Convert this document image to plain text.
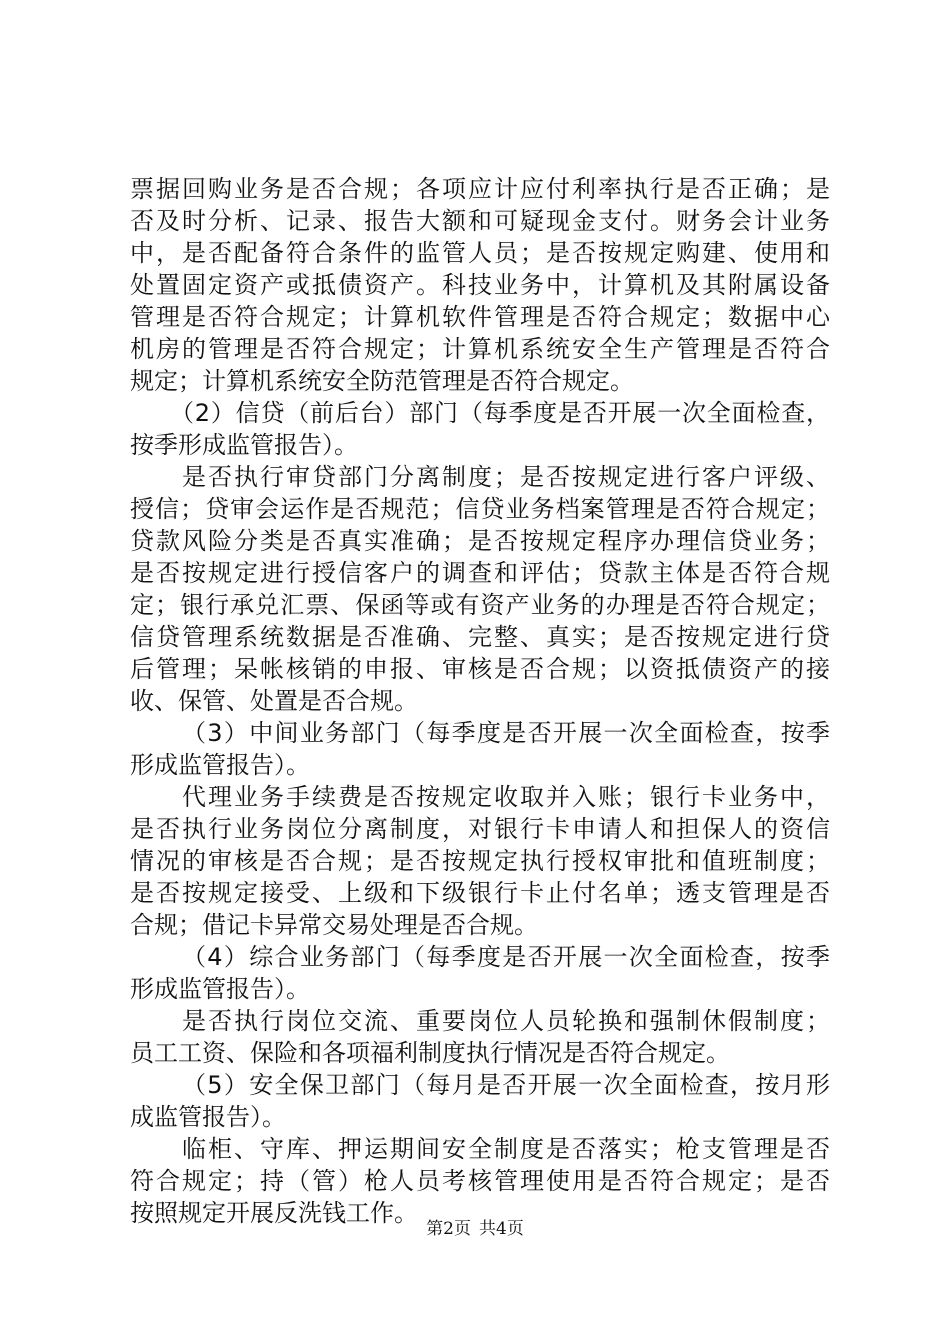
票据回购业务是否合规；各项应计应付利率执行是否正确；是
否及时分析、记录、报告大额和可疑现金支付。财务会计业务
中，是否配备符合条件的监管人员；是否按规定购建、使用和
处置固定资产或抵债资产。科技业务中，计算机及其附属设备
管理是否符合规定；计算机软件管理是否符合规定；数据中心
机房的管理是否符合规定；计算机系统安全生产管理是否符合
规定；计算机系统安全防范管理是否符合规定。
（2）信贷（前后台）部门（每季度是否开展一次全面检查，
按季形成监管报告）。
是否执行审贷部门分离制度；是否按规定进行客户评级、
授信；贷审会运作是否规范；信贷业务档案管理是否符合规定；
贷款风险分类是否真实准确；是否按规定程序办理信贷业务；
是否按规定进行授信客户的调查和评估；贷款主体是否符合规
定；银行承兑汇票、保函等或有资产业务的办理是否符合规定；
信贷管理系统数据是否准确、完整、真实；是否按规定进行贷
后管理；呆帐核销的申报、审核是否合规；以资抵债资产的接
收、保管、处置是否合规。
（3）中间业务部门（每季度是否开展一次全面检查，按季
形成监管报告）。
代理业务手续费是否按规定收取并入账；银行卡业务中，
是否执行业务岗位分离制度，对银行卡申请人和担保人的资信
情况的审核是否合规；是否按规定执行授权审批和值班制度；
是否按规定接受、上级和下级银行卡止付名单；透支管理是否
合规；借记卡异常交易处理是否合规。
（4）综合业务部门（每季度是否开展一次全面检查，按季
形成监管报告）。
是否执行岗位交流、重要岗位人员轮换和强制休假制度；
员工工资、保险和各项福利制度执行情况是否符合规定。
（5）安全保卫部门（每月是否开展一次全面检查，按月形
成监管报告）。
临柜、守库、押运期间安全制度是否落实；枪支管理是否
符合规定；持（管）枪人员考核管理使用是否符合规定；是否
按照规定开展反洗钱工作。
第2页 共4页
